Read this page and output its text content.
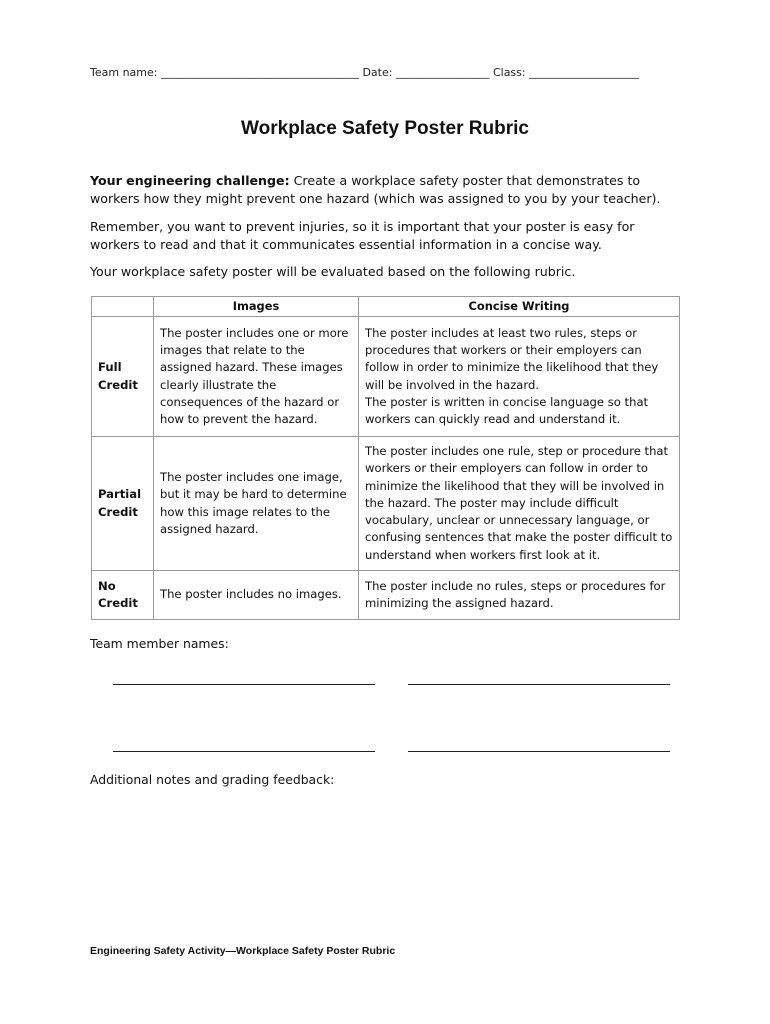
Team name: ____________________________________ Date: _________________ Class: ____________________
Workplace Safety Poster Rubric
Your engineering challenge: Create a workplace safety poster that demonstrates to workers how they might prevent one hazard (which was assigned to you by your teacher).
Remember, you want to prevent injuries, so it is important that your poster is easy for workers to read and that it communicates essential information in a concise way.
Your workplace safety poster will be evaluated based on the following rubric.
	Images	Concise Writing
Full Credit	The poster includes one or more images that relate to the assigned hazard. These images clearly illustrate the consequences of the hazard or how to prevent the hazard.	The poster includes at least two rules, steps or procedures that workers or their employers can follow in order to minimize the likelihood that they will be involved in the hazard.
The poster is written in concise language so that workers can quickly read and understand it.

Partial Credit	The poster includes one image, but it may be hard to determine how this image relates to the assigned hazard.	The poster includes one rule, step or procedure that workers or their employers can follow in order to minimize the likelihood that they will be involved in the hazard. The poster may include difficult vocabulary, unclear or unnecessary language, or confusing sentences that make the poster difficult to understand when workers first look at it.
No Credit	The poster includes no images.	The poster include no rules, steps or procedures for minimizing the assigned hazard.
Team member names:
Additional notes and grading feedback:
Engineering Safety Activity—Workplace Safety Poster Rubric
